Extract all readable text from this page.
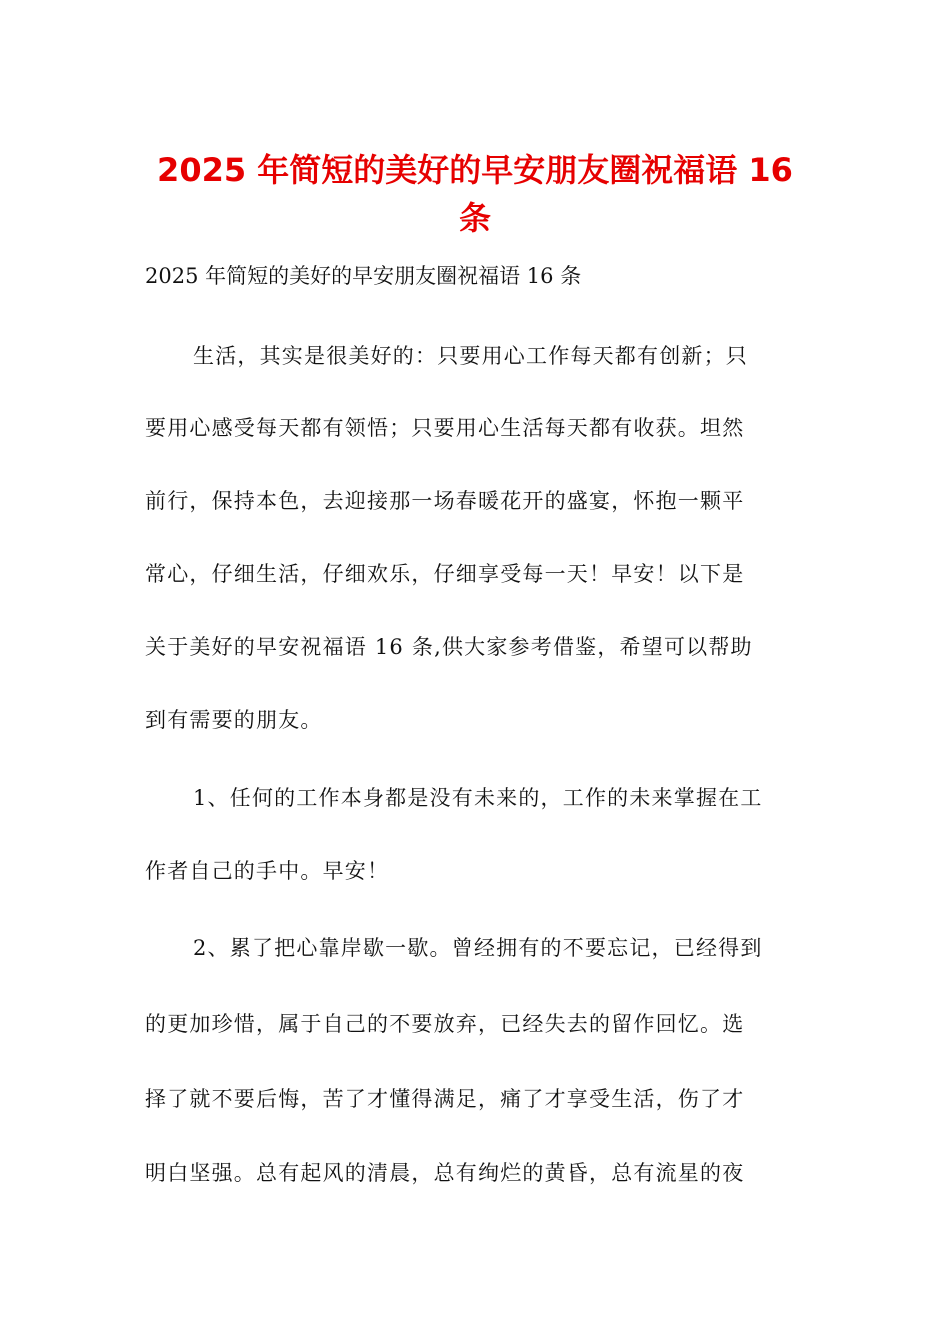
2025 年简短的美好的早安朋友圈祝福语 16
条
2025 年简短的美好的早安朋友圈祝福语 16 条
生活，其实是很美好的：只要用心工作每天都有创新；只
要用心感受每天都有领悟；只要用心生活每天都有收获。坦然
前行，保持本色，去迎接那一场春暖花开的盛宴，怀抱一颗平
常心，仔细生活，仔细欢乐，仔细享受每一天！早安！以下是
关于美好的早安祝福语 16 条,供大家参考借鉴，希望可以帮助
到有需要的朋友。
1、任何的工作本身都是没有未来的，工作的未来掌握在工
作者自己的手中。早安！
2、累了把心靠岸歇一歇。曾经拥有的不要忘记，已经得到
的更加珍惜，属于自己的不要放弃，已经失去的留作回忆。选
择了就不要后悔，苦了才懂得满足，痛了才享受生活，伤了才
明白坚强。总有起风的清晨，总有绚烂的黄昏，总有流星的夜
